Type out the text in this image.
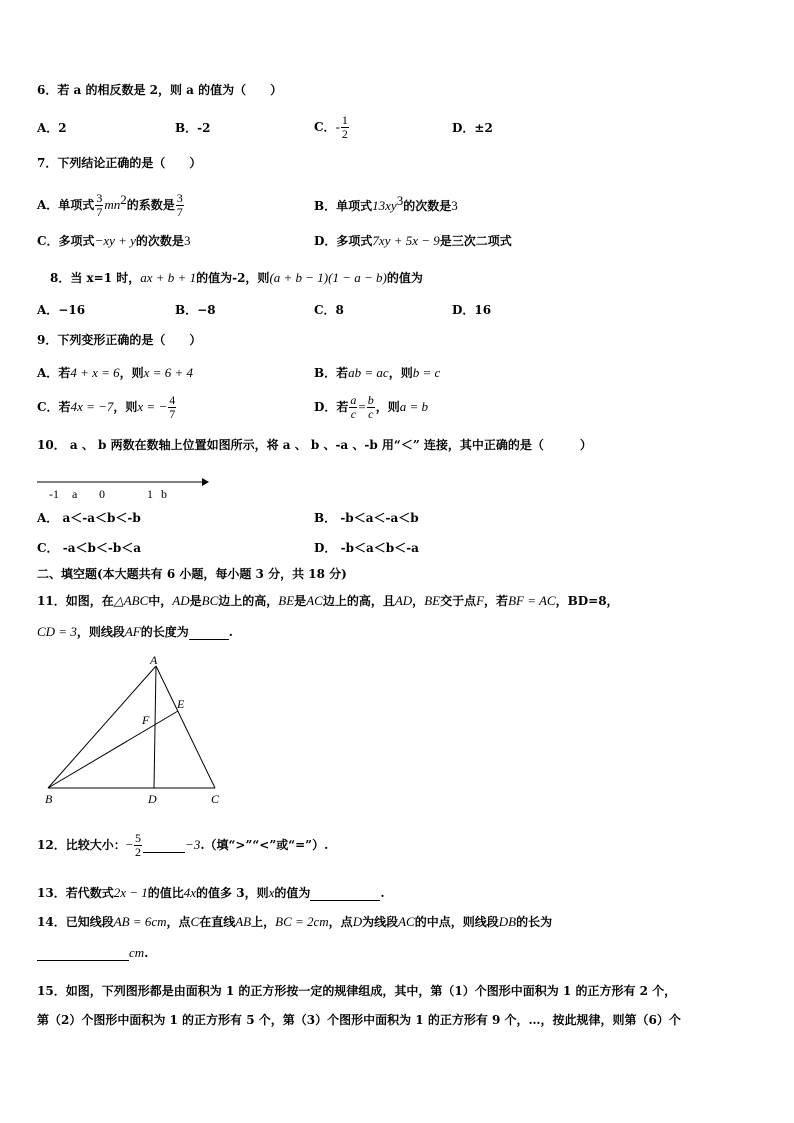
6．若 a 的相反数是 2，则 a 的值为（　　）
A．2	B．-2	C．- $\frac{1}{2}$	D．±2
7．下列结论正确的是（　　）
A．单项式 $\frac{3}{7} mn^2$的系数是 $\frac{3}{7}$	B．单项式$13xy^3$的次数是3
C．多项式−xy + y的次数是3	D．多项式7xy + 5x − 9是三次二项式
8．当 x=1 时，ax + b + 1的值为-2，则(a + b − 1)(1 − a − b)的值为
A．−16	B．−8	C．8	D．16
9．下列变形正确的是（　　）
A．若4 + x = 6，则x = 6 + 4	B．若ab = ac，则b = c
C．若4x = −7，则x = − $\frac{4}{7}$	D．若 $\frac{a}{c} = \frac{b}{c}$ ，则a = b
10． a 、 b 两数在数轴上位置如图所示，将 a 、 b 、-a 、-b 用“＜” 连接，其中正确的是（　　　）
-1 a 0	1 b
A． a＜-a＜b＜-b	B． -b＜a＜-a＜b
C． -a＜b＜-b＜a	D． -b＜a＜b＜-a
二、填空题(本大题共有 6 小题，每小题 3 分，共 18 分)
11．如图，在△ABC中，AD是BC边上的高，BE是AC边上的高，且AD，BE交于点F，若BF = AC，BD=8，
CD = 3，则线段AF的长度为	.
A
B	C
D
E
F
12．比较大小：− $\frac{5}{2}$	−3.（填“>”“<”或“=”）.
13．若代数式2x − 1的值比4x的值多 3，则x的值为	.
14．已知线段AB = 6cm，点C在直线AB上，BC = 2cm，点D为线段AC的中点，则线段DB的长为
cm.
15．如图，下列图形都是由面积为 1 的正方形按一定的规律组成，其中，第（1）个图形中面积为 1 的正方形有 2 个，
第（2）个图形中面积为 1 的正方形有 5 个，第（3）个图形中面积为 1 的正方形有 9 个，…，按此规律，则第（6）个
